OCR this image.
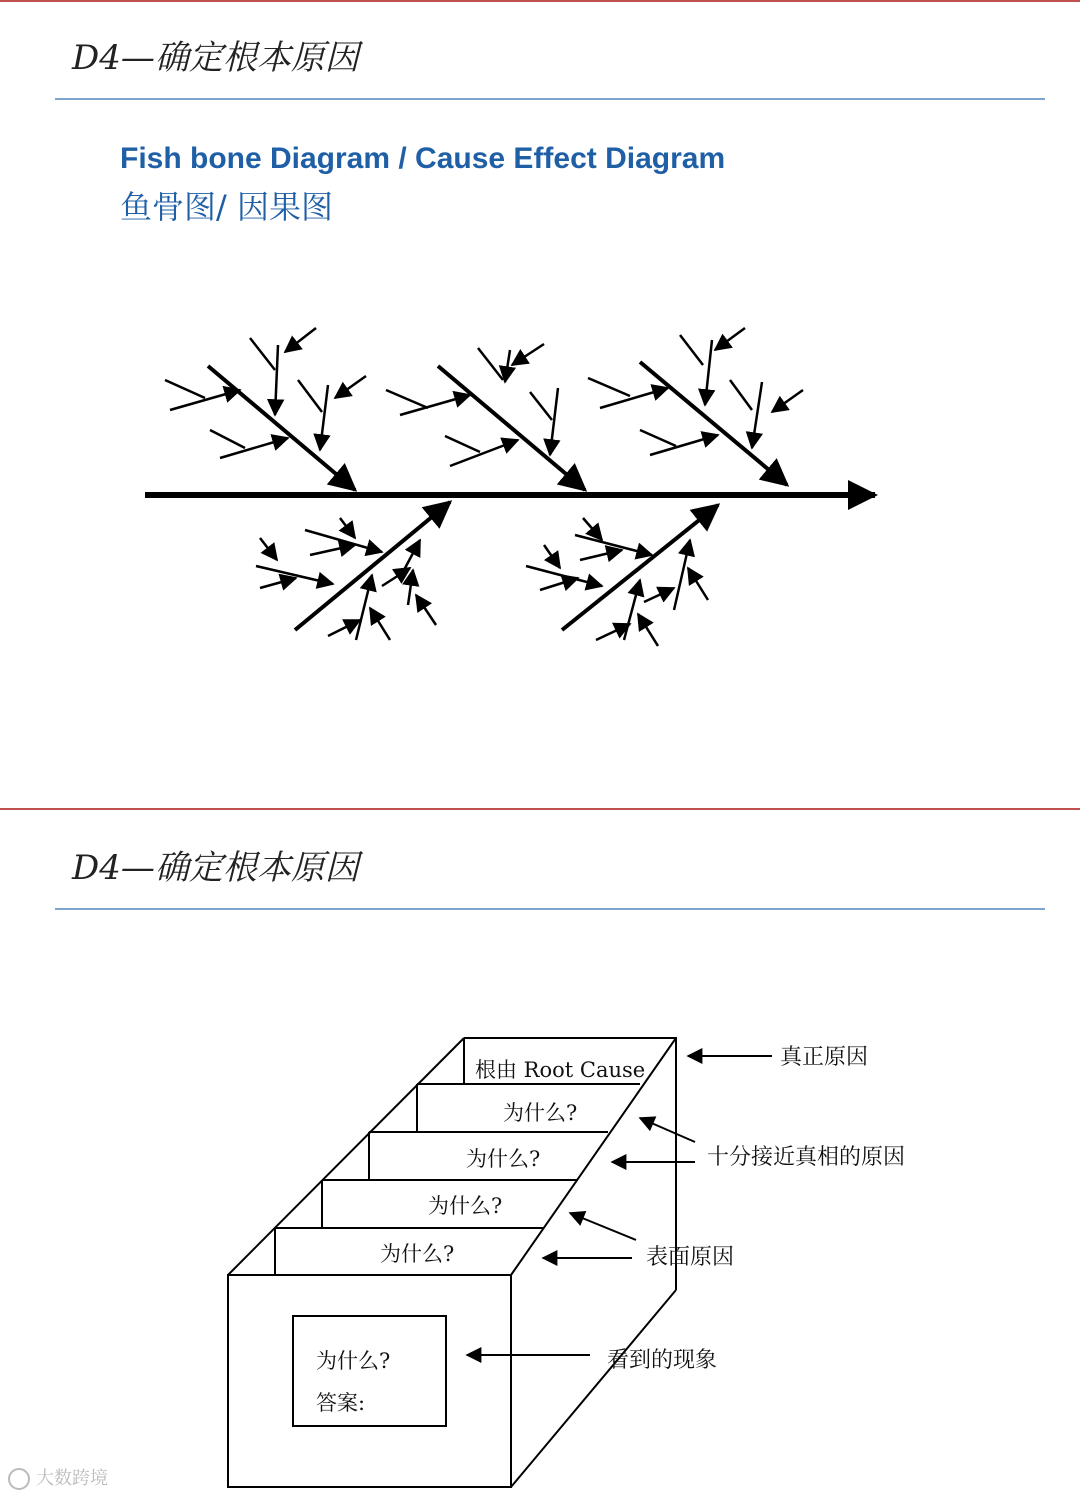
D4—确定根本原因
Fish bone Diagram / Cause Effect Diagram
鱼骨图/ 因果图
D4—确定根本原因
根由 Root Cause
为什么?
为什么?
为什么?
为什么?
为什么?
答案:
真正原因
十分接近真相的原因
表面原因
看到的现象
大数跨境
